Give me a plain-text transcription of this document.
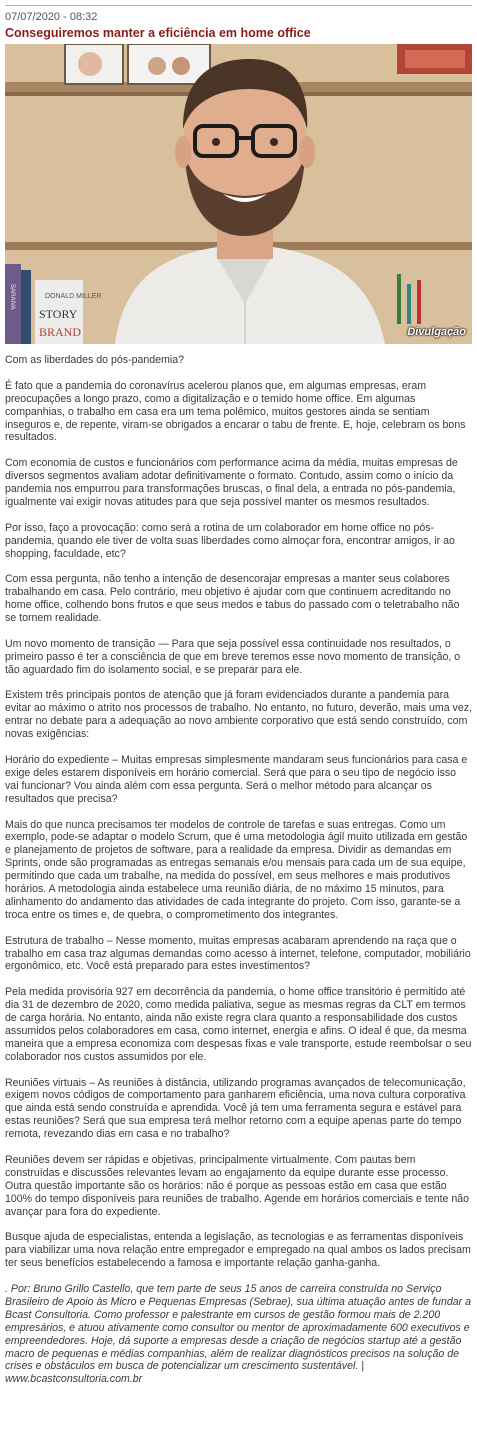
07/07/2020 - 08:32
Conseguiremos manter a eficiência em home office
DONALD MILLER
STORY
BRAND
SARAIVA
Divulgação

Com as liberdades do pós-pandemia?

É fato que a pandemia do coronavírus acelerou planos que, em algumas empresas, eram preocupações a longo prazo, como a digitalização e o temido home office. Em algumas companhias, o trabalho em casa era um tema polêmico, muitos gestores ainda se sentiam inseguros e, de repente, viram-se obrigados a encarar o tabu de frente. E, hoje, celebram os bons resultados.

Com economia de custos e funcionários com performance acima da média, muitas empresas de diversos segmentos avaliam adotar definitivamente o formato. Contudo, assim como o início da pandemia nos empurrou para transformações bruscas, o final dela, a entrada no pós-pandemia, igualmente vai exigir novas atitudes para que seja possível manter os mesmos resultados.

Por isso, faço a provocação: como será a rotina de um colaborador em home office no pós-pandemia, quando ele tiver de volta suas liberdades como almoçar fora, encontrar amigos, ir ao shopping, faculdade, etc?

Com essa pergunta, não tenho a intenção de desencorajar empresas a manter seus colabores trabalhando em casa. Pelo contrário, meu objetivo é ajudar com que continuem acreditando no home office, colhendo bons frutos e que seus medos e tabus do passado com o teletrabalho não se tornem realidade.

Um novo momento de transição — Para que seja possível essa continuidade nos resultados, o primeiro passo é ter a consciência de que em breve teremos esse novo momento de transição, o tão aguardado fim do isolamento social, e se preparar para ele.

Existem três principais pontos de atenção que já foram evidenciados durante a pandemia para evitar ao máximo o atrito nos processos de trabalho. No entanto, no futuro, deverão, mais uma vez, entrar no debate para a adequação ao novo ambiente corporativo que está sendo construído, com novas exigências:

Horário do expediente – Muitas empresas simplesmente mandaram seus funcionários para casa e exige deles estarem disponíveis em horário comercial. Será que para o seu tipo de negócio isso vai funcionar? Vou ainda além com essa pergunta. Será o melhor método para alcançar os resultados que precisa?

Mais do que nunca precisamos ter modelos de controle de tarefas e suas entregas. Como um exemplo, pode-se adaptar o modelo Scrum, que é uma metodologia ágil muito utilizada em gestão e planejamento de projetos de software, para a realidade da empresa. Dividir as demandas em Sprints, onde são programadas as entregas semanais e/ou mensais para cada um de sua equipe, permitindo que cada um trabalhe, na medida do possível, em seus melhores e mais produtivos horários. A metodologia ainda estabelece uma reunião diária, de no máximo 15 minutos, para alinhamento do andamento das atividades de cada integrante do projeto. Com isso, garante-se a troca entre os times e, de quebra, o comprometimento dos integrantes.

Estrutura de trabalho – Nesse momento, muitas empresas acabaram aprendendo na raça que o trabalho em casa traz algumas demandas como acesso à internet, telefone, computador, mobiliário ergonômico, etc. Você está preparado para estes investimentos?

Pela medida provisória 927 em decorrência da pandemia, o home office transitório é permitido até dia 31 de dezembro de 2020, como medida paliativa, segue as mesmas regras da CLT em termos de carga horária. No entanto, ainda não existe regra clara quanto a responsabilidade dos custos assumidos pelos colaboradores em casa, como internet, energia e afins. O ideal é que, da mesma maneira que a empresa economiza com despesas fixas e vale transporte, estude reembolsar o seu colaborador nos custos assumidos por ele.

Reuniões virtuais – As reuniões à distância, utilizando programas avançados de telecomunicação, exigem novos códigos de comportamento para ganharem eficiência, uma nova cultura corporativa que ainda está sendo construída e aprendida. Você já tem uma ferramenta segura e estável para estas reuniões? Será que sua empresa terá melhor retorno com a equipe apenas parte do tempo remota, revezando dias em casa e no trabalho?

Reuniões devem ser rápidas e objetivas, principalmente virtualmente. Com pautas bem construídas e discussões relevantes levam ao engajamento da equipe durante esse processo. Outra questão importante são os horários: não é porque as pessoas estão em casa que estão 100% do tempo disponíveis para reuniões de trabalho. Agende em horários comerciais e tente não avançar para fora do expediente.

Busque ajuda de especialistas, entenda a legislação, as tecnologias e as ferramentas disponíveis para viabilizar uma nova relação entre empregador e empregado na qual ambos os lados precisam ter seus benefícios estabelecendo a famosa e importante relação ganha-ganha.

. Por: Bruno Grillo Castello, que tem parte de seus 15 anos de carreira construída no Serviço Brasileiro de Apoio às Micro e Pequenas Empresas (Sebrae), sua última atuação antes de fundar a Bcast Consultoria. Como professor e palestrante em cursos de gestão formou mais de 2.200 empresários, e atuou ativamente como consultor ou mentor de aproximadamente 600 executivos e empreendedores. Hoje, dá suporte a empresas desde a criação de negócios startup até a gestão macro de pequenas e médias companhias, além de realizar diagnósticos precisos na solução de crises e obstáculos em busca de potencializar um crescimento sustentável. | www.bcastconsultoria.com.br
